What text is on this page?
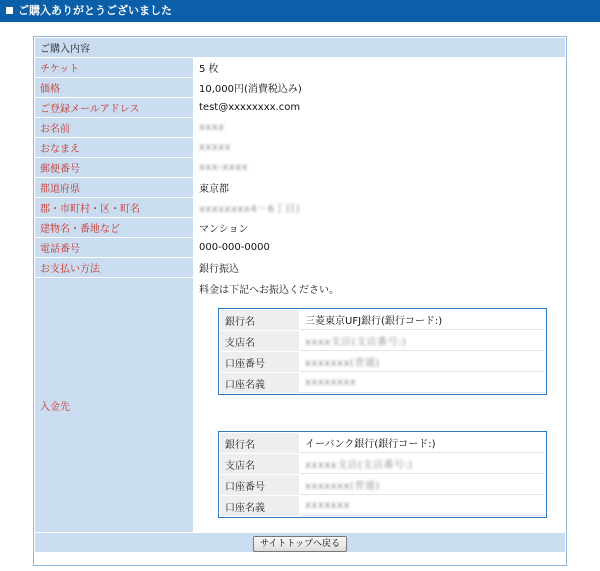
ご購入ありがとうございました
ご購入内容
チケット	5 枚
価格	10,000円(消費税込み)
ご登録メールアドレス	test@xxxxxxxx.com
お名前	xxxx
おなまえ	xxxxx
郵便番号	xxx-xxxx
都道府県	東京都
郡・市町村・区・町名	xxxxxxxx4～6丁目)
建物名・番地など	マンション
電話番号	000-000-0000
お支払い方法	銀行振込
入金先	
料金は下記へお振込ください。
銀行名	三菱東京UFJ銀行(銀行コード:)
支店名	xxxx支店(支店番号:)
口座番号	xxxxxxx(普通)
口座名義	xxxxxxxx
銀行名	イーバンク銀行(銀行コード:)
支店名	xxxxx支店(支店番号:)
口座番号	xxxxxxx(普通)
口座名義	xxxxxxx

サイトトップへ戻る
